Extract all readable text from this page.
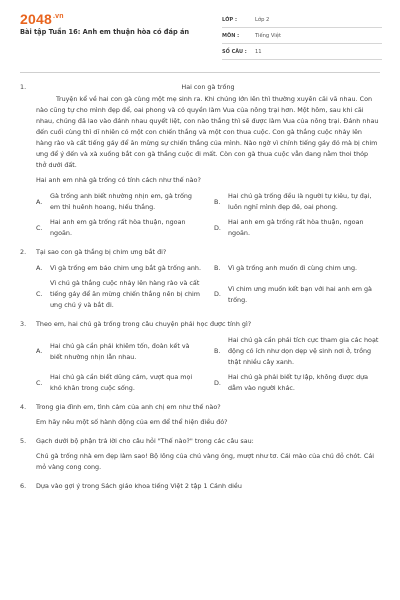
$2048^{.vn}$
Bài tập Tuần 16: Anh em thuận hòa có đáp án
LỚP :	Lớp 2
MÔN :	Tiếng Việt
SỐ CÂU :	11
1.	Hai con gà trống
Truyện kể về hai con gà cùng một mẹ sinh ra. Khi chúng lớn lên thì thường xuyên cãi vã nhau. Con nào cũng tự cho mình đẹp để, oai phong và có quyền làm Vua của nông trại hơn. Một hôm, sau khi cãi nhau, chúng đã lao vào đánh nhau quyết liệt, con nào thắng thì sẽ được làm Vua của nông trại. Đánh nhau đến cuối cùng thì dĩ nhiên có một con chiến thắng và một con thua cuộc. Con gà thắng cuộc nhảy lên hàng rào và cất tiếng gáy để ăn mừng sự chiến thắng của mình. Nào ngờ vì chính tiếng gáy đó mà bị chim ưng để ý đến và xà xuống bắt con gà thắng cuộc đi mất. Còn con gà thua cuộc vẫn đang nằm thoi thóp thở dưới đất.
Hai anh em nhà gà trống có tính cách như thế nào?
A.
Gà trống anh biết nhường nhịn em, gà trống em thì huênh hoang, hiếu thắng.
B.
Hai chú gà trống đều là người tự kiêu, tự đại, luôn nghĩ mình đẹp đẽ, oai phong.
C.
Hai anh em gà trống rất hòa thuận, ngoan ngoãn.
D.
Hai anh em gà trống rất hòa thuận, ngoan ngoãn.
2.	Tại sao con gà thắng bị chim ưng bắt đi?
A.	Vì gà trống em bảo chim ưng bắt gà trống anh. B.	Vì gà trống anh muốn đi cùng chim ưng.
C.
Vì chú gà thắng cuộc nhảy lên hàng rào và cất tiếng gáy để ăn mừng chiến thắng nên bị chim ưng chú ý và bắt đi.
D.
Vì chim ưng muốn kết bạn với hai anh em gà trống.
3.	Theo em, hai chú gà trống trong câu chuyện phải học được tính gì?
A.
Hai chú gà cần phải khiêm tốn, đoàn kết và biết nhường nhịn lẫn nhau.
B.
Hai chú gà cần phải tích cực tham gia các hoạt động có ích như dọn dẹp vệ sinh nơi ở, trồng thật nhiều cây xanh.
C.
Hai chú gà cần biết dũng cảm, vượt qua mọi khó khăn trong cuộc sống.
D.
Hai chú gà phải biết tự lập, không được dựa dẫm vào người khác.
4.	Trong gia đình em, tình cảm của anh chị em như thế nào?
Em hãy nêu một số hành động của em để thể hiện điều đó?
5.	Gạch dưới bộ phận trả lời cho câu hỏi "Thế nào?" trong các câu sau:
Chú gà trống nhà em đẹp làm sao! Bộ lông của chú vàng óng, mượt như tơ. Cái mào của chú đỏ chót. Cái mỏ vàng cong cong.
6.	Dựa vào gợi ý trong Sách giáo khoa tiếng Việt 2 tập 1 Cánh diều
